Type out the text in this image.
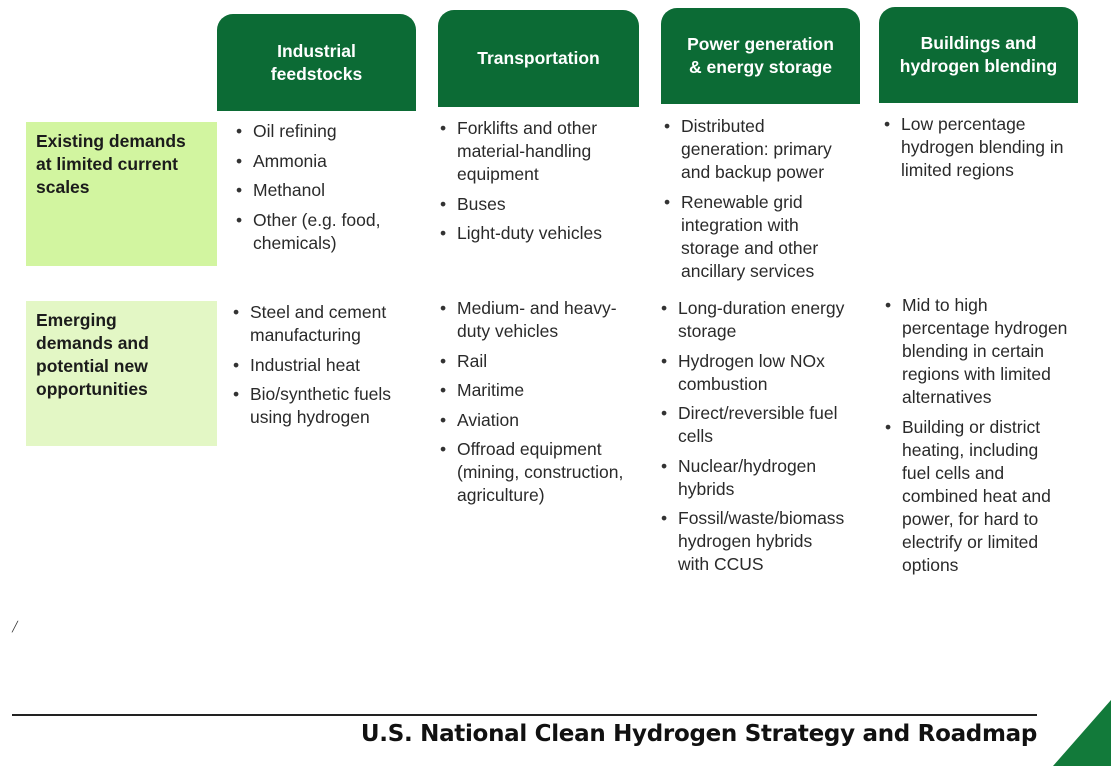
Industrial
feedstocks
Transportation
Power generation
& energy storage
Buildings and
hydrogen blending
Existing demands
at limited current
scales
Emerging
demands and
potential new
opportunities
• Oil refining
• Ammonia
• Methanol
• Other (e.g. food,
chemicals)
• Forklifts and other
material-handling
equipment
• Buses
• Light-duty vehicles
• Distributed
generation: primary
and backup power
• Renewable grid
integration with
storage and other
ancillary services
• Low percentage
hydrogen blending in
limited regions
• Steel and cement
manufacturing
• Industrial heat
• Bio/synthetic fuels
using hydrogen
• Medium- and heavy-
duty vehicles
• Rail
• Maritime
• Aviation
• Offroad equipment
(mining, construction,
agriculture)
• Long-duration energy
storage
• Hydrogen low NOx
combustion
• Direct/reversible fuel
cells
• Nuclear/hydrogen
hybrids
• Fossil/waste/biomass
hydrogen hybrids
with CCUS
• Mid to high
percentage hydrogen
blending in certain
regions with limited
alternatives
• Building or district
heating, including
fuel cells and
combined heat and
power, for hard to
electrify or limited
options
╱
U.S. National Clean Hydrogen Strategy and Roadmap
